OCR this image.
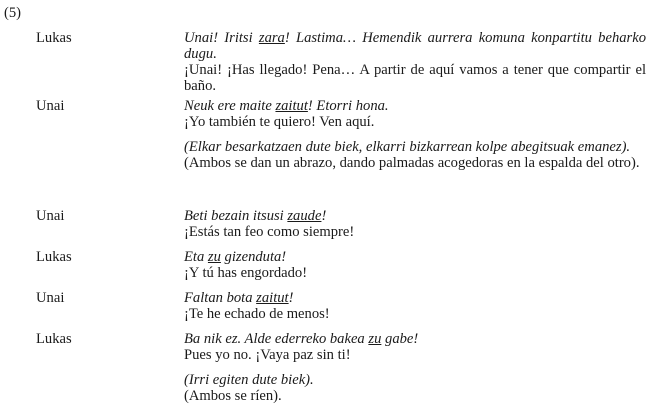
(5)
Lukas	Unai! Iritsi zara! Lastima… Hemendik aurrera komuna konpartitu beharko dugu.
¡Unai! ¡Has llegado! Pena… A partir de aquí vamos a tener que compartir el baño.
Unai	Neuk ere maite zaitut! Etorri hona.
¡Yo también te quiero! Ven aquí.
(Elkar besarkatzaen dute biek, elkarri bizkarrean kolpe abegitsuak emanez).
(Ambos se dan un abrazo, dando palmadas acogedoras en la espalda del otro).
Unai	Beti bezain itsusi zaude!
¡Estás tan feo como siempre!
Lukas	Eta zu gizenduta!
¡Y tú has engordado!
Unai	Faltan bota zaitut!
¡Te he echado de menos!
Lukas	Ba nik ez. Alde ederreko bakea zu gabe!
Pues yo no. ¡Vaya paz sin ti!
(Irri egiten dute biek).
(Ambos se ríen).
